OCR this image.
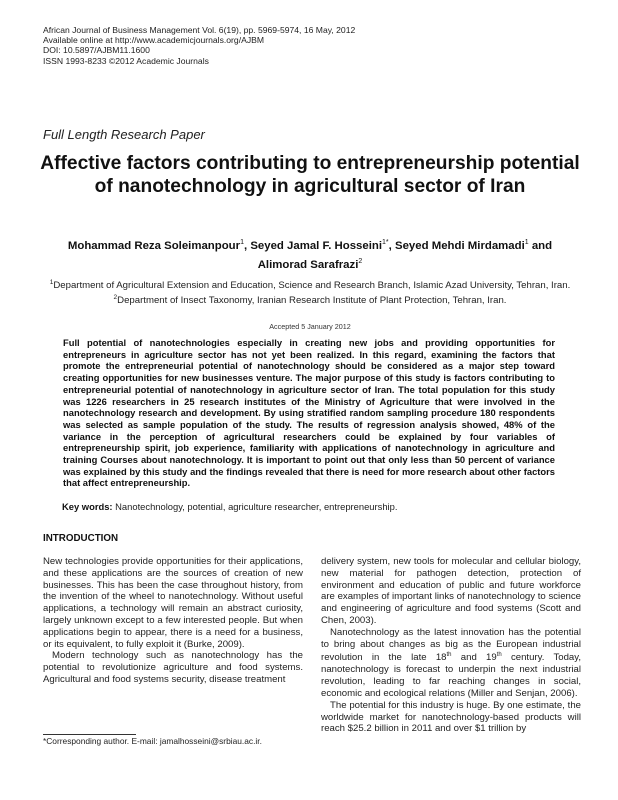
African Journal of Business Management Vol. 6(19), pp. 5969-5974, 16 May, 2012
Available online at http://www.academicjournals.org/AJBM
DOI: 10.5897/AJBM11.1600
ISSN 1993-8233 ©2012 Academic Journals
Full Length Research Paper
Affective factors contributing to entrepreneurship potential of nanotechnology in agricultural sector of Iran
Mohammad Reza Soleimanpour$^1$, Seyed Jamal F. Hosseini$^{1*}$, Seyed Mehdi Mirdamadi$^1$ and
Alimorad Sarafrazi$^2$
$^1$Department of Agricultural Extension and Education, Science and Research Branch, Islamic Azad University, Tehran, Iran.
$^2$Department of Insect Taxonomy, Iranian Research Institute of Plant Protection, Tehran, Iran.
Accepted 5 January 2012
Full potential of nanotechnologies especially in creating new jobs and providing opportunities for entrepreneurs in agriculture sector has not yet been realized. In this regard, examining the factors that promote the entrepreneurial potential of nanotechnology should be considered as a major step toward creating opportunities for new businesses venture. The major purpose of this study is factors contributing to entrepreneurial potential of nanotechnology in agriculture sector of Iran. The total population for this study was 1226 researchers in 25 research institutes of the Ministry of Agriculture that were involved in the nanotechnology research and development. By using stratified random sampling procedure 180 respondents was selected as sample population of the study. The results of regression analysis showed, 48% of the variance in the perception of agricultural researchers could be explained by four variables of entrepreneurship spirit, job experience, familiarity with applications of nanotechnology in agriculture and training Courses about nanotechnology. It is important to point out that only less than 50 percent of variance was explained by this study and the findings revealed that there is need for more research about other factors that affect entrepreneurship.
Key words: Nanotechnology, potential, agriculture researcher, entrepreneurship.
INTRODUCTION

New technologies provide opportunities for their applications, and these applications are the sources of creation of new businesses. This has been the case throughout history, from the invention of the wheel to nanotechnology. Without useful applications, a technology will remain an abstract curiosity, largely unknown except to a few interested people. But when applications begin to appear, there is a need for a business, or its equivalent, to fully exploit it (Burke, 2009).

Modern technology such as nanotechnology has the potential to revolutionize agriculture and food systems. Agricultural and food systems security, disease treatment

delivery system, new tools for molecular and cellular biology, new material for pathogen detection, protection of environment and education of public and future workforce are examples of important links of nanotechnology to science and engineering of agriculture and food systems (Scott and Chen, 2003).

Nanotechnology as the latest innovation has the potential to bring about changes as big as the European industrial revolution in the late 18th and 19th century. Today, nanotechnology is forecast to underpin the next industrial revolution, leading to far reaching changes in social, economic and ecological relations (Miller and Senjan, 2006).

The potential for this industry is huge. By one estimate, the worldwide market for nanotechnology-based products will reach $25.2 billion in 2011 and over $1 trillion by

*Corresponding author. E-mail: jamalhosseini@srbiau.ac.ir.
